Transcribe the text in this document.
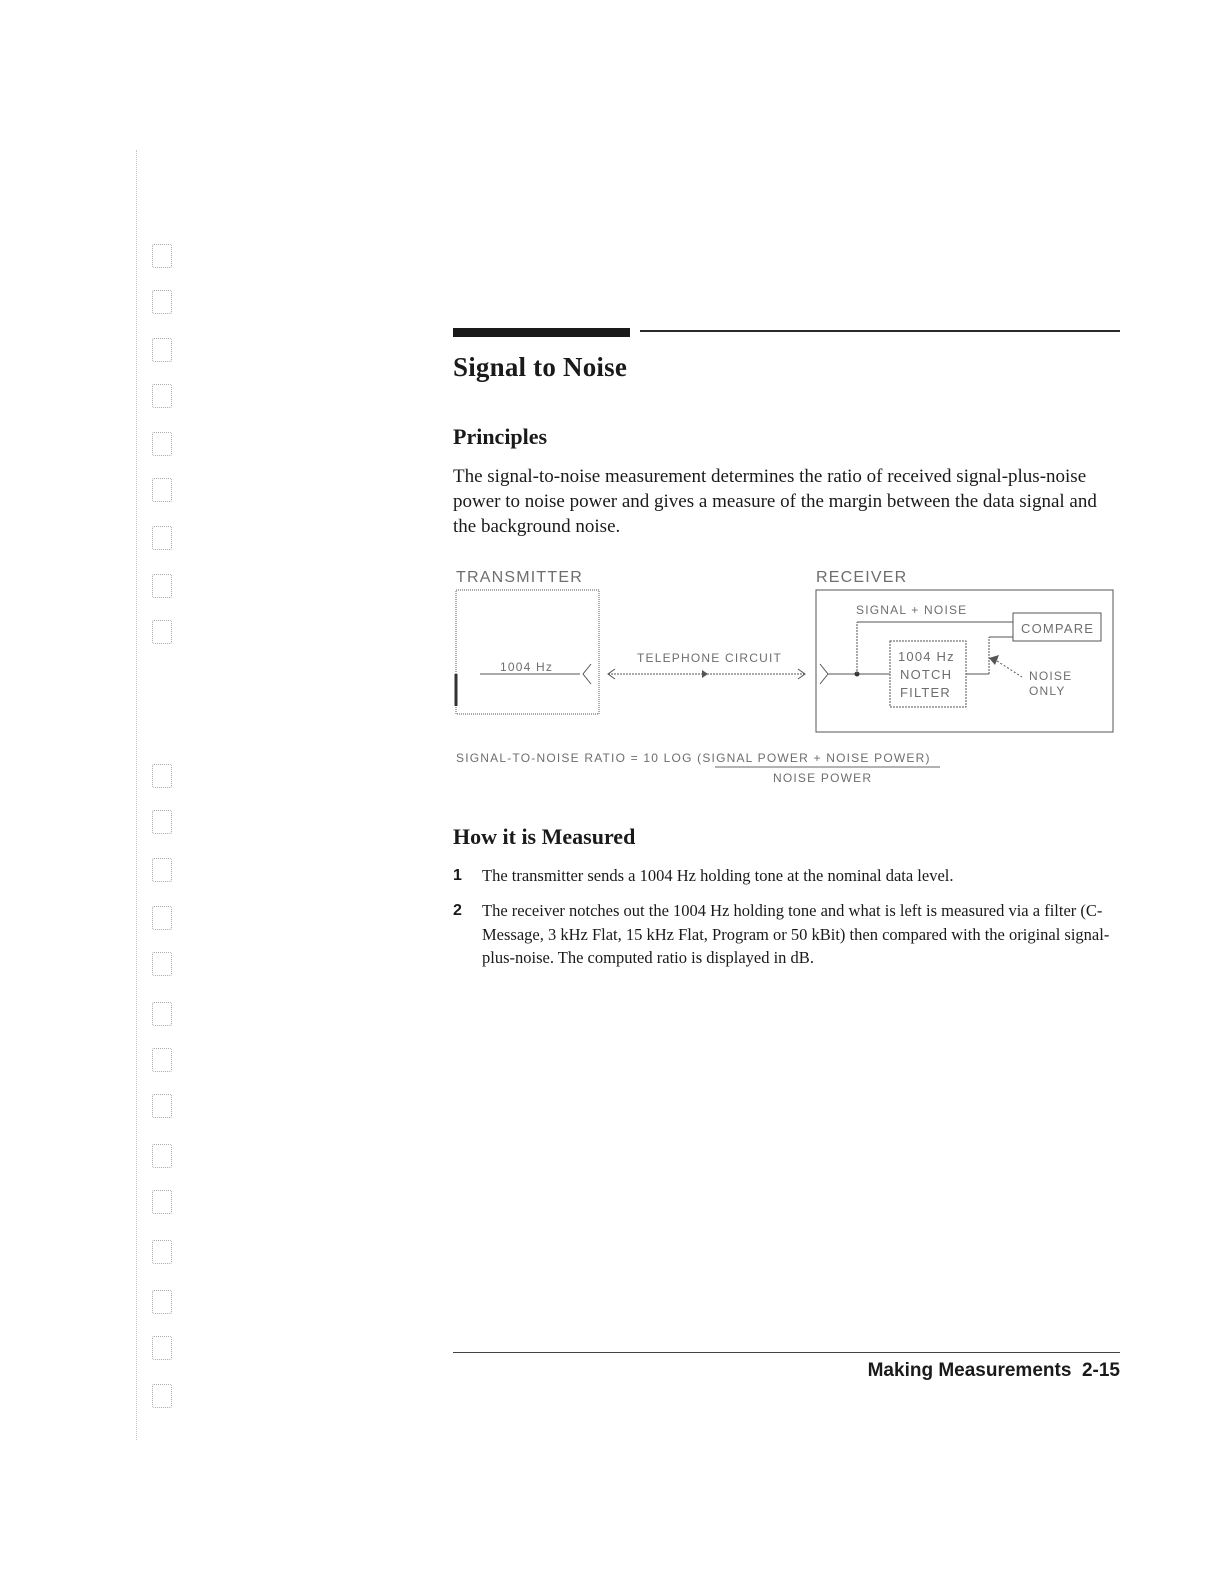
Signal to Noise
Principles

The signal-to-noise measurement determines the ratio of received signal-plus-noise power to noise power and gives a measure of the margin between the data signal and the background noise.

TRANSMITTER
1004 Hz
TELEPHONE CIRCUIT
RECEIVER
SIGNAL + NOISE
COMPARE
1004 Hz
NOTCH
FILTER
NOISE
ONLY
SIGNAL-TO-NOISE RATIO = 10 LOG (SIGNAL POWER + NOISE POWER)
NOISE POWER
How it is Measured
1 The transmitter sends a 1004 Hz holding tone at the nominal data level.
2 The receiver notches out the 1004 Hz holding tone and what is left is measured via a filter (C-Message, 3 kHz Flat, 15 kHz Flat, Program or 50 kBit) then compared with the original signal-plus-noise. The computed ratio is displayed in dB.
Making Measurements 2-15
